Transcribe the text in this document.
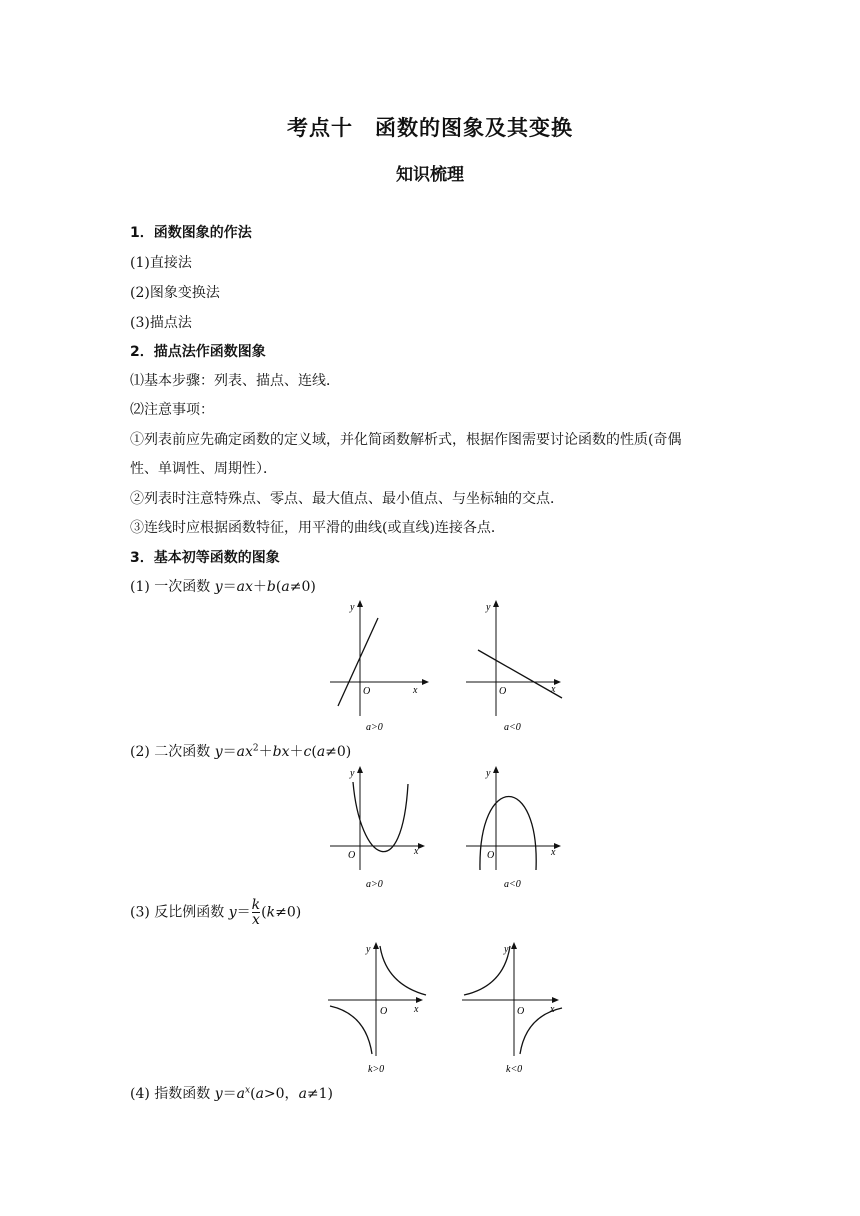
考点十　函数的图象及其变换
知识梳理
1．函数图象的作法
(1)直接法
(2)图象变换法
(3)描点法
2．描点法作函数图象
⑴基本步骤：列表、描点、连线．
⑵注意事项：
①列表前应先确定函数的定义域，并化简函数解析式，根据作图需要讨论函数的性质(奇偶
性、单调性、周期性）．
②列表时注意特殊点、零点、最大值点、最小值点、与坐标轴的交点．
③连线时应根据函数特征，用平滑的曲线(或直线)连接各点．
3．基本初等函数的图象
(1) 一次函数 y＝ax＋b(a≠0)
y
x
O
a>0
y
x
O
a<0
(2) 二次函数 $y=ax^2+bx+c(a\ne 0)$
y
x
O
a>0
y
x
O
a<0
(3) 反比例函数 $y= \frac{k}{x} (k\ne 0)$
y
x
O
k>0
y
x
O
k<0
(4) 指数函数 $y=a^x(a>0$，a≠1)
